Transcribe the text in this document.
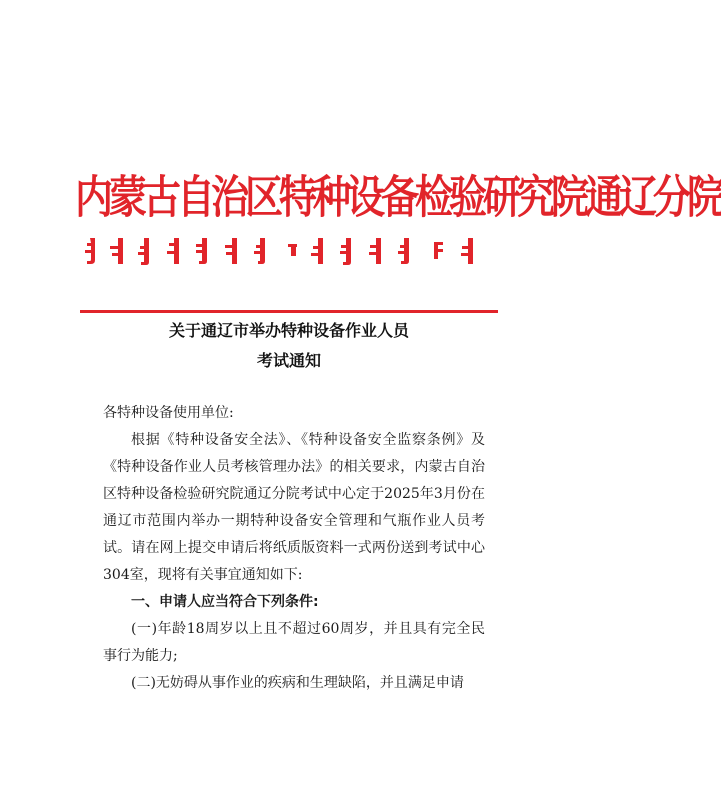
内蒙古自治区特种设备检验研究院通辽分院
关于通辽市举办特种设备作业人员
考试通知

各特种设备使用单位:

根据《特种设备安全法》、《特种设备安全监察条例》及《特种设备作业人员考核管理办法》的相关要求，内蒙古自治区特种设备检验研究院通辽分院考试中心定于2025年3月份在通辽市范围内举办一期特种设备安全管理和气瓶作业人员考试。请在网上提交申请后将纸质版资料一式两份送到考试中心304室，现将有关事宜通知如下:

一、申请人应当符合下列条件:

(一)年龄18周岁以上且不超过60周岁，并且具有完全民事行为能力;

(二)无妨碍从事作业的疾病和生理缺陷，并且满足申请
